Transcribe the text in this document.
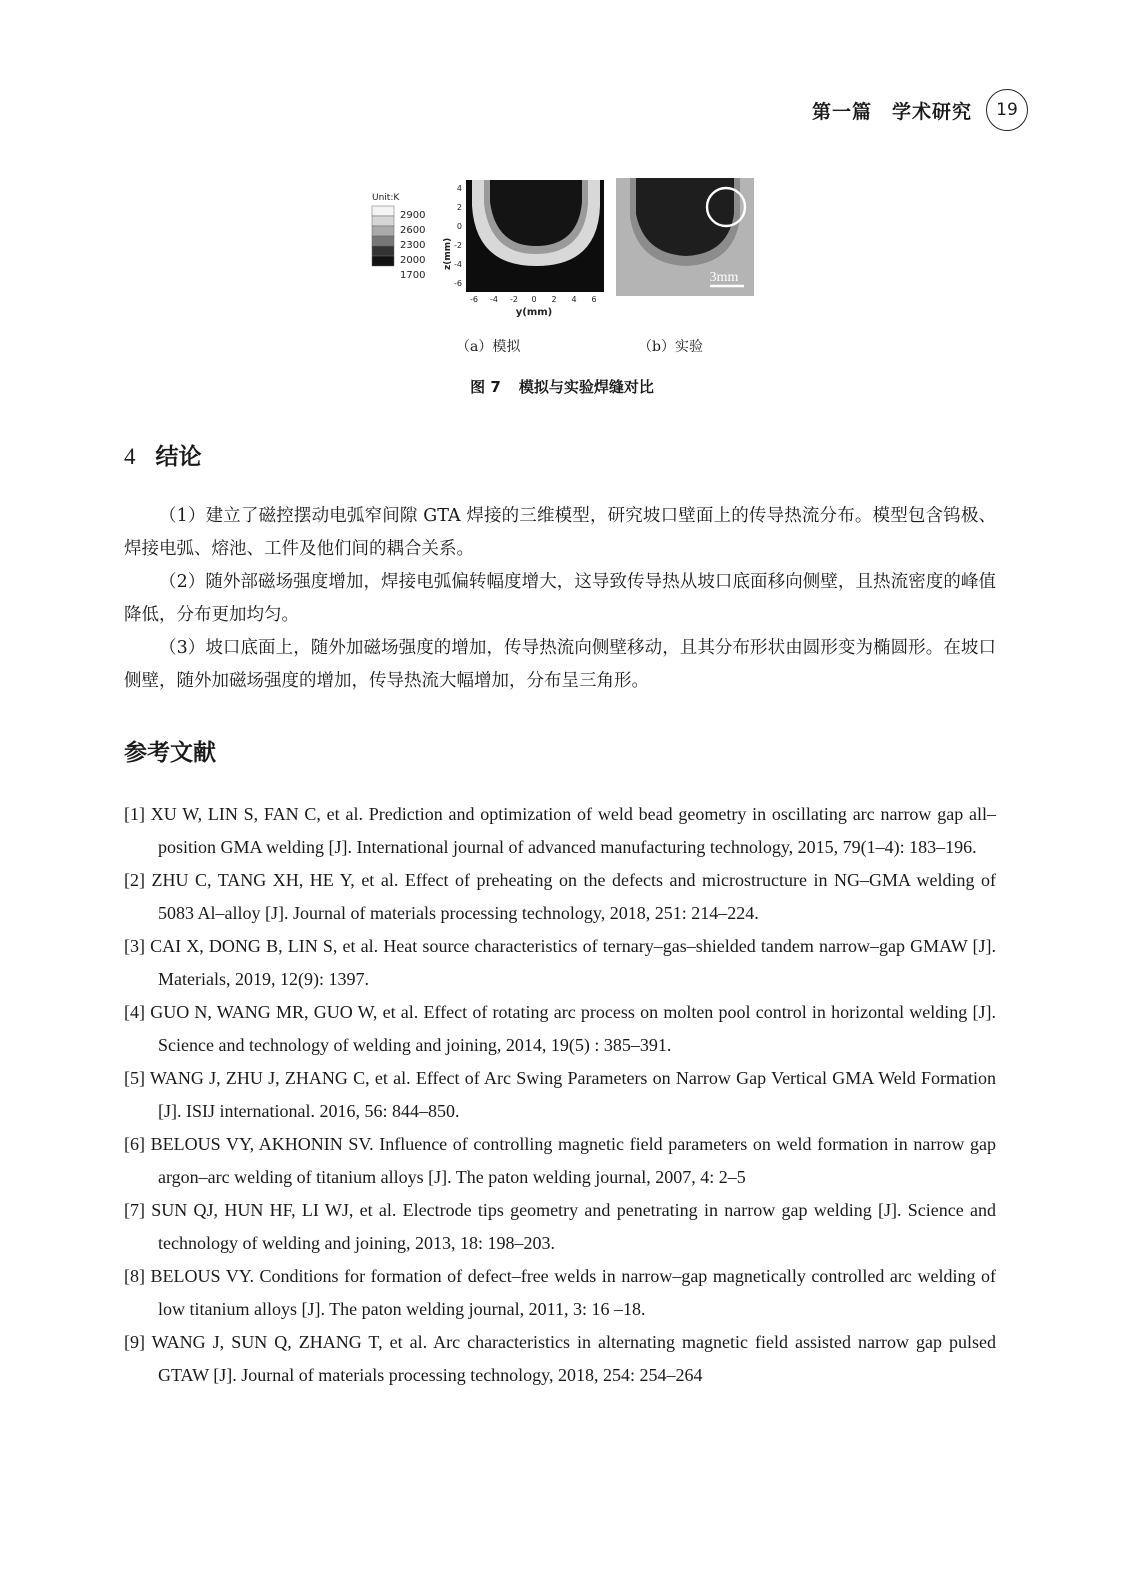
第一篇　学术研究	19
Unit:K
2900
2600
2300
2000
1700
z(mm)
4
2
0
-2
-4
-6
-6 -4 -2 0 2 4 6
y(mm)
3mm
（a）模拟	（b）实验
图 7 模拟与实验焊缝对比
4 结论

（1）建立了磁控摆动电弧窄间隙 GTA 焊接的三维模型，研究坡口壁面上的传导热流分布。模型包含钨极、焊接电弧、熔池、工件及他们间的耦合关系。

（2）随外部磁场强度增加，焊接电弧偏转幅度增大，这导致传导热从坡口底面移向侧壁，且热流密度的峰值降低，分布更加均匀。

（3）坡口底面上，随外加磁场强度的增加，传导热流向侧壁移动，且其分布形状由圆形变为椭圆形。在坡口侧壁，随外加磁场强度的增加，传导热流大幅增加，分布呈三角形。

参考文献

[1] XU W, LIN S, FAN C, et al. Prediction and optimization of weld bead geometry in oscillating arc narrow gap all–position GMA welding [J]. International journal of advanced manufacturing technology, 2015, 79(1–4): 183–196.

[2] ZHU C, TANG XH, HE Y, et al. Effect of preheating on the defects and microstructure in NG–GMA welding of 5083 Al–alloy [J]. Journal of materials processing technology, 2018, 251: 214–224.

[3] CAI X, DONG B, LIN S, et al. Heat source characteristics of ternary–gas–shielded tandem narrow–gap GMAW [J]. Materials, 2019, 12(9): 1397.

[4] GUO N, WANG MR, GUO W, et al. Effect of rotating arc process on molten pool control in horizontal welding [J]. Science and technology of welding and joining, 2014, 19(5) : 385–391.

[5] WANG J, ZHU J, ZHANG C, et al. Effect of Arc Swing Parameters on Narrow Gap Vertical GMA Weld Formation [J]. ISIJ international. 2016, 56: 844–850.

[6] BELOUS VY, AKHONIN SV. Influence of controlling magnetic field parameters on weld formation in narrow gap argon–arc welding of titanium alloys [J]. The paton welding journal, 2007, 4: 2–5

[7] SUN QJ, HUN HF, LI WJ, et al. Electrode tips geometry and penetrating in narrow gap welding [J]. Science and technology of welding and joining, 2013, 18: 198–203.

[8] BELOUS VY. Conditions for formation of defect–free welds in narrow–gap magnetically controlled arc welding of low titanium alloys [J]. The paton welding journal, 2011, 3: 16 –18.

[9] WANG J, SUN Q, ZHANG T, et al. Arc characteristics in alternating magnetic field assisted narrow gap pulsed GTAW [J]. Journal of materials processing technology, 2018, 254: 254–264
